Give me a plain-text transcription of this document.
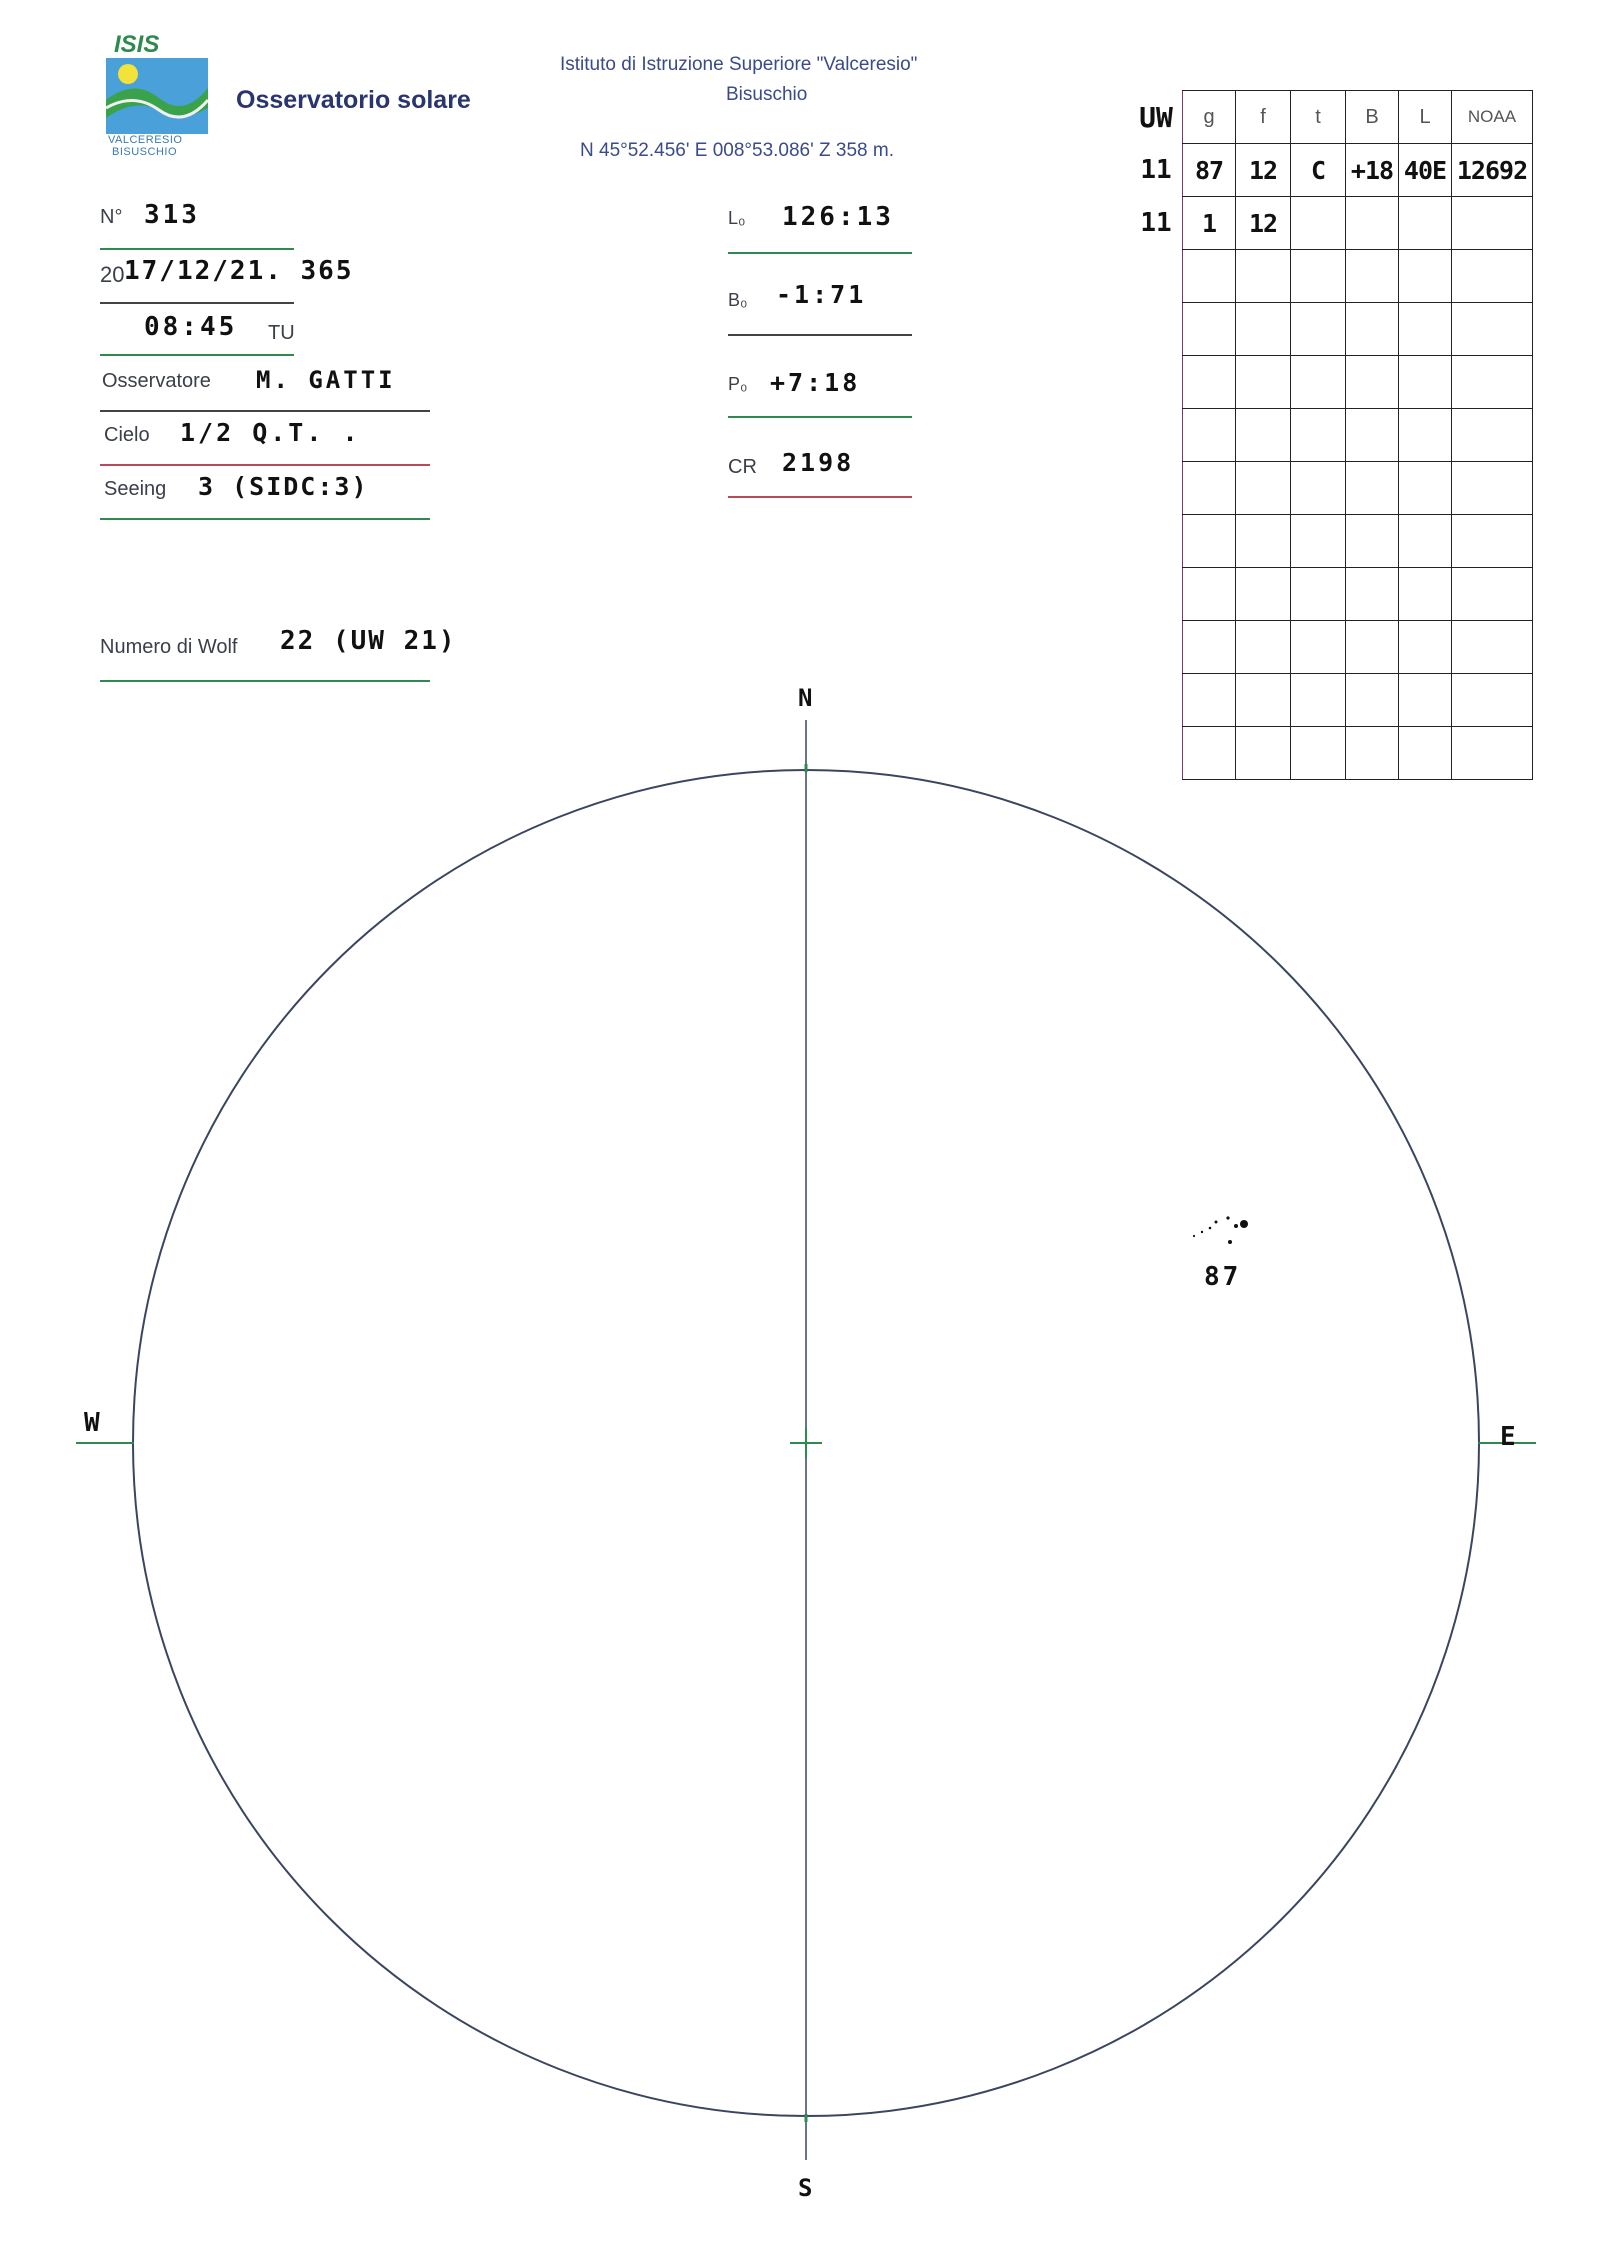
ISIS
VALCERESIO
BISUSCHIO
Osservatorio solare
Istituto di Istruzione Superiore "Valceresio"
Bisuschio
N 45°52.456' E 008°53.086' Z 358 m.
N° 313
20 17/12/21. 365
08:45 TU
Osservatore M. GATTI
Cielo 1/2 Q.T. .
Seeing 3 (SIDC:3)
Numero di Wolf 22 (UW 21)
L₀ 126:13
B₀ -1:71
P₀ +7:18
CR 2198
UW	g	f	t	B	L	NOAA
11	87	12	C	+18	40E	12692
11	1	12				

N
S
W	E
87
